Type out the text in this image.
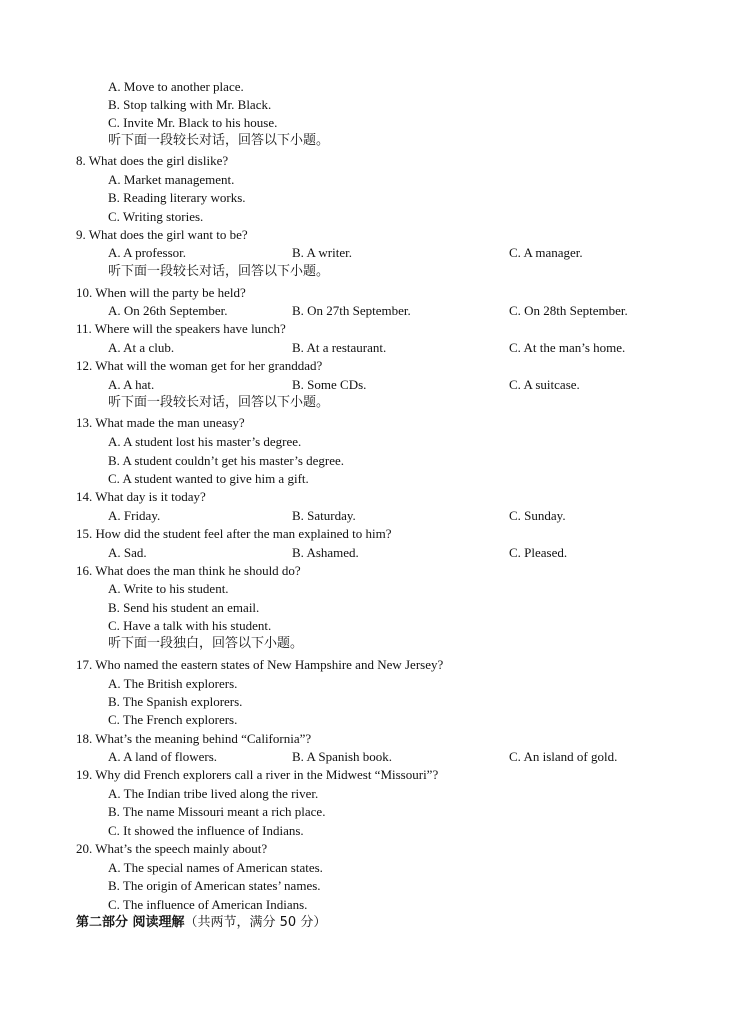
A. Move to another place.
B. Stop talking with Mr. Black.
C. Invite Mr. Black to his house.
听下面一段较长对话，回答以下小题。
8. What does the girl dislike?
A. Market management.
B. Reading literary works.
C. Writing stories.
9. What does the girl want to be?
A. A professor.	B. A writer.	C. A manager.
听下面一段较长对话，回答以下小题。
10. When will the party be held?
A. On 26th September.	B. On 27th September.	C. On 28th September.
11. Where will the speakers have lunch?
A. At a club.	B. At a restaurant.	C. At the man’s home.
12. What will the woman get for her granddad?
A. A hat.	B. Some CDs.	C. A suitcase.
听下面一段较长对话，回答以下小题。
13. What made the man uneasy?
A. A student lost his master’s degree.
B. A student couldn’t get his master’s degree.
C. A student wanted to give him a gift.
14. What day is it today?
A. Friday.	B. Saturday.	C. Sunday.
15. How did the student feel after the man explained to him?
A. Sad.	B. Ashamed.	C. Pleased.
16. What does the man think he should do?
A. Write to his student.
B. Send his student an email.
C. Have a talk with his student.
听下面一段独白，回答以下小题。
17. Who named the eastern states of New Hampshire and New Jersey?
A. The British explorers.
B. The Spanish explorers.
C. The French explorers.
18. What’s the meaning behind “California”?
A. A land of flowers.	B. A Spanish book.	C. An island of gold.
19. Why did French explorers call a river in the Midwest “Missouri”?
A. The Indian tribe lived along the river.
B. The name Missouri meant a rich place.
C. It showed the influence of Indians.
20. What’s the speech mainly about?
A. The special names of American states.
B. The origin of American states’ names.
C. The influence of American Indians.
第二部分 阅读理解（共两节，满分 50 分）
